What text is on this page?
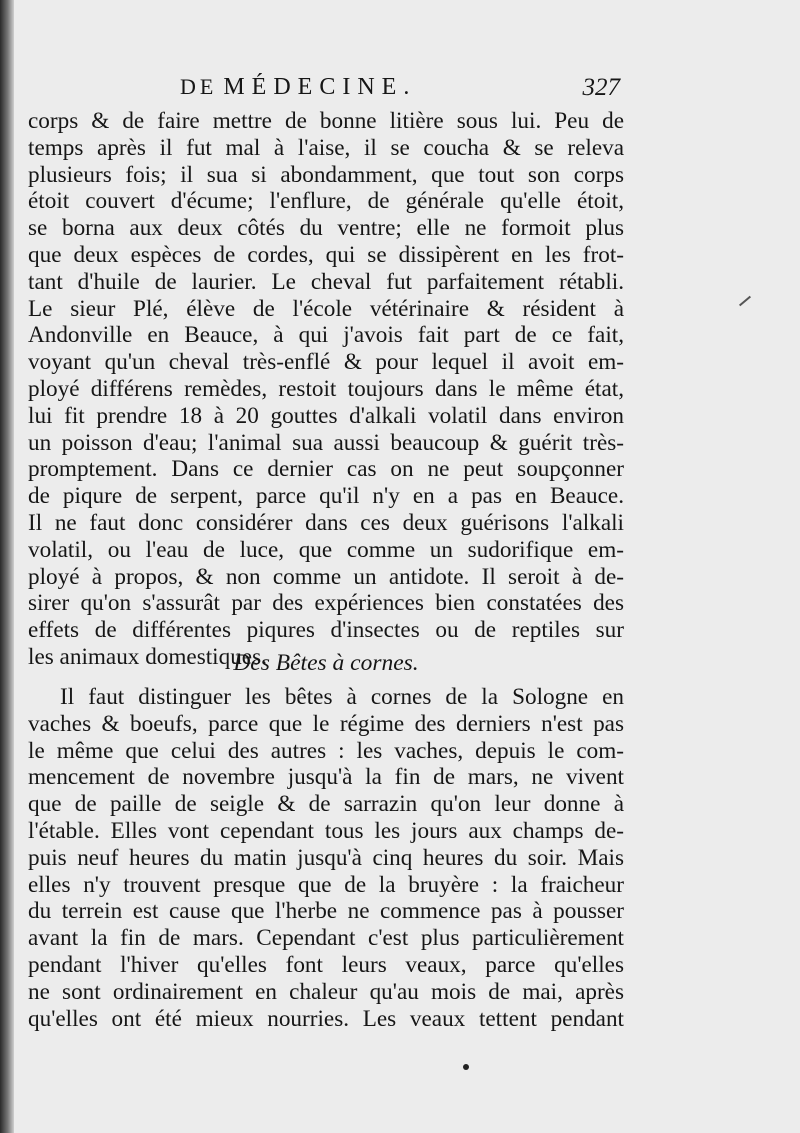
DE MÉDECINE.	327
corps & de faire mettre de bonne litière sous lui. Peu de
temps après il fut mal à l'aise, il se coucha & se releva
plusieurs fois; il sua si abondamment, que tout son corps
étoit couvert d'écume; l'enflure, de générale qu'elle étoit,
se borna aux deux côtés du ventre; elle ne formoit plus
que deux espèces de cordes, qui se dissipèrent en les frot-
tant d'huile de laurier. Le cheval fut parfaitement rétabli.
Le sieur Plé, élève de l'école vétérinaire & résident à
Andonville en Beauce, à qui j'avois fait part de ce fait,
voyant qu'un cheval très-enflé & pour lequel il avoit em-
ployé différens remèdes, restoit toujours dans le même état,
lui fit prendre 18 à 20 gouttes d'alkali volatil dans environ
un poisson d'eau; l'animal sua aussi beaucoup & guérit très-
promptement. Dans ce dernier cas on ne peut soupçonner
de piqure de serpent, parce qu'il n'y en a pas en Beauce.
Il ne faut donc considérer dans ces deux guérisons l'alkali
volatil, ou l'eau de luce, que comme un sudorifique em-
ployé à propos, & non comme un antidote. Il seroit à de-
sirer qu'on s'assurât par des expériences bien constatées des
effets de différentes piqures d'insectes ou de reptiles sur
les animaux domestiques.
Des Bêtes à cornes.
Il faut distinguer les bêtes à cornes de la Sologne en
vaches & boeufs, parce que le régime des derniers n'est pas
le même que celui des autres : les vaches, depuis le com-
mencement de novembre jusqu'à la fin de mars, ne vivent
que de paille de seigle & de sarrazin qu'on leur donne à
l'étable. Elles vont cependant tous les jours aux champs de-
puis neuf heures du matin jusqu'à cinq heures du soir. Mais
elles n'y trouvent presque que de la bruyère : la fraicheur
du terrein est cause que l'herbe ne commence pas à pousser
avant la fin de mars. Cependant c'est plus particulièrement
pendant l'hiver qu'elles font leurs veaux, parce qu'elles
ne sont ordinairement en chaleur qu'au mois de mai, après
qu'elles ont été mieux nourries. Les veaux tettent pendant
